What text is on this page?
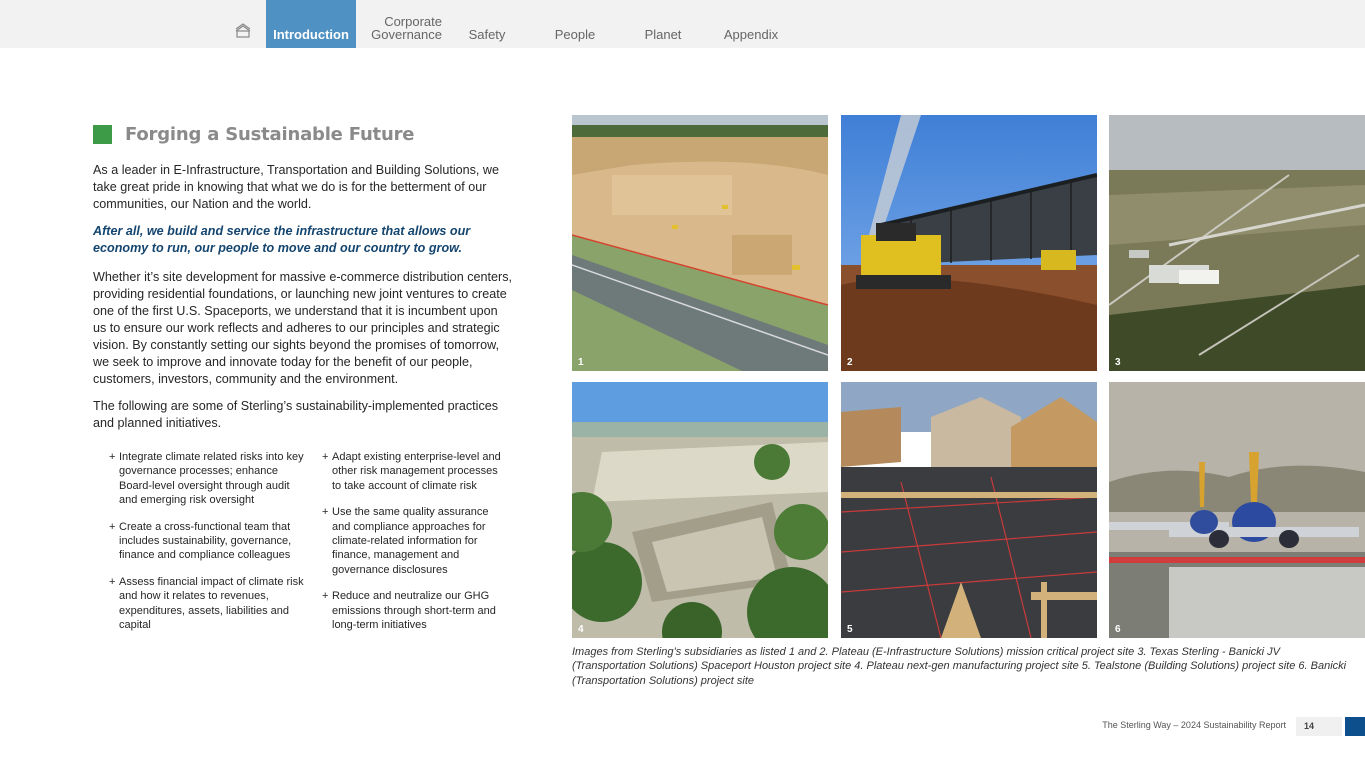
Introduction
Corporate
Governance Safety	People	Planet	Appendix
Forging a Sustainable Future

As a leader in E-Infrastructure, Transportation and Building Solutions, we take great pride in knowing that what we do is for the betterment of our communities, our Nation and the world.

After all, we build and service the infrastructure that allows our economy to run, our people to move and our country to grow.

Whether it’s site development for massive e-commerce distribution centers, providing residential foundations, or launching new joint ventures to create one of the first U.S. Spaceports, we understand that it is incumbent upon us to ensure our work reflects and adheres to our principles and strategic vision. By constantly setting our sights beyond the promises of tomorrow, we seek to improve and innovate today for the benefit of our people, customers, investors, community and the environment.

The following are some of Sterling’s sustainability-implemented practices and planned initiatives.

+ Integrate climate related risks into key governance processes; enhance Board-level oversight through audit and emerging risk oversight
+ Create a cross-functional team that includes sustainability, governance, finance and compliance colleagues
+ Assess financial impact of climate risk and how it relates to revenues, expenditures, assets, liabilities and capital
+ Adapt existing enterprise-level and other risk management processes to take account of climate risk
+ Use the same quality assurance and compliance approaches for climate-related information for finance, management and governance disclosures
+ Reduce and neutralize our GHG emissions through short-term and long-term initiatives
1	2	3
4	5	6

Images from Sterling’s subsidiaries as listed 1 and 2. Plateau (E-Infrastructure Solutions) mission critical project site 3. Texas Sterling - Banicki JV (Transportation Solutions) Spaceport Houston project site 4. Plateau next-gen manufacturing project site 5. Tealstone (Building Solutions) project site 6. Banicki (Transportation Solutions) project site

The Sterling Way – 2024 Sustainability Report	14
